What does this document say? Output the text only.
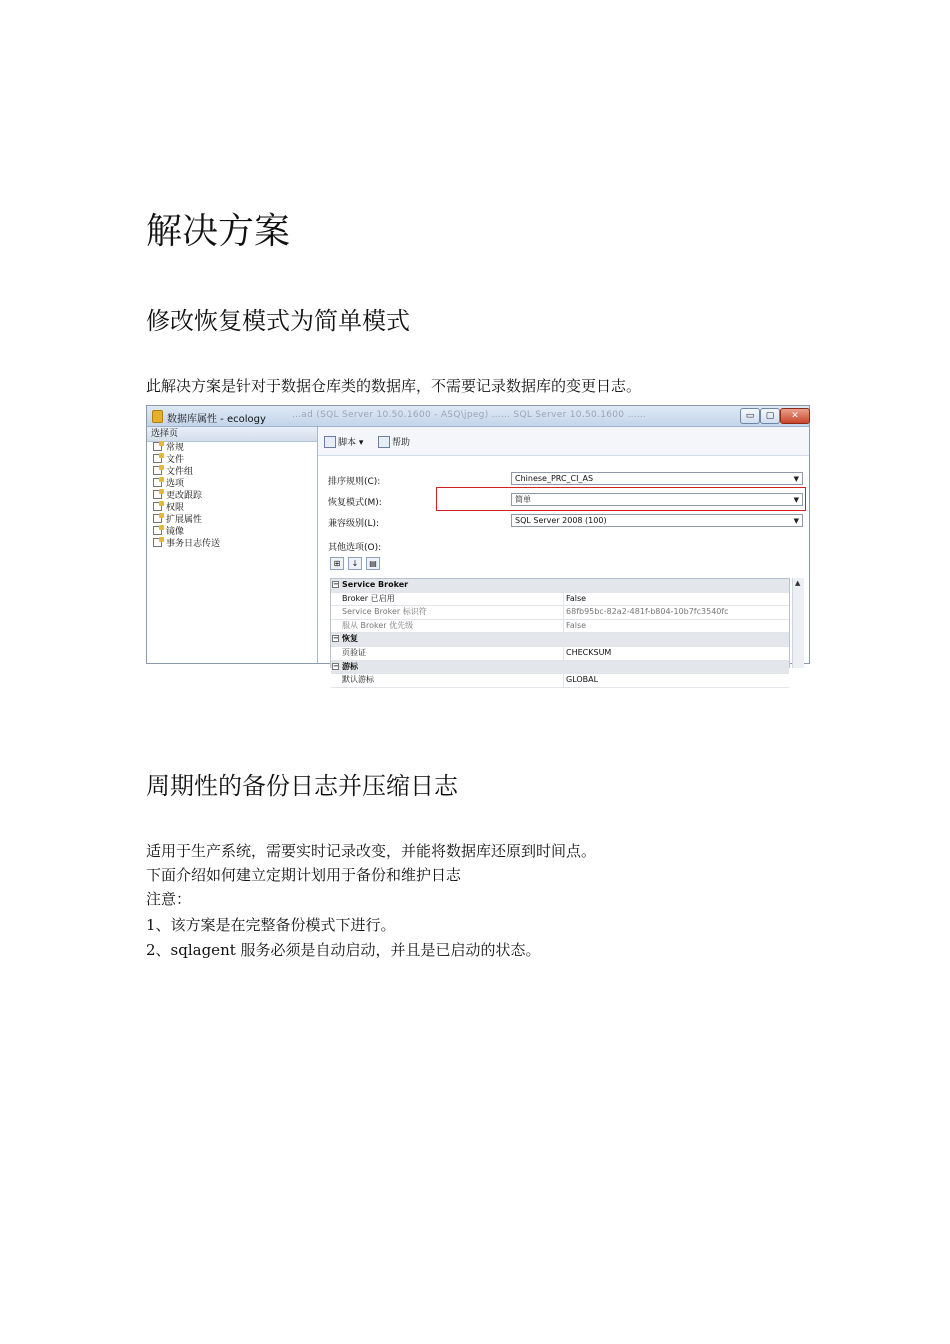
解决方案
修改恢复模式为简单模式
此解决方案是针对于数据仓库类的数据库，不需要记录数据库的变更日志。
数据库属性 - ecology	…ad (SQL Server 10.50.1600 - ASQ\jpeg) …… SQL Server 10.50.1600 ……	▭	▢	✕
选择页
常规
文件
文件组
选项
更改跟踪
权限
扩展属性
镜像
事务日志传送
脚本 ▾	帮助
排序规则(C):	Chinese_PRC_CI_AS	▼
恢复模式(M):	简单	▼
兼容级别(L):	SQL Server 2008 (100)	▼
其他选项(O):
⊞ ↓ ▤
− Service Broker
Broker 已启用	False
Service Broker 标识符	68fb95bc-82a2-481f-b804-10b7fc3540fc
服从 Broker 优先级	False
− 恢复
页验证	CHECKSUM
− 游标
默认游标	GLOBAL
▲
周期性的备份日志并压缩日志
适用于生产系统，需要实时记录改变，并能将数据库还原到时间点。
下面介绍如何建立定期计划用于备份和维护日志
注意：
1、该方案是在完整备份模式下进行。
2、sqlagent 服务必须是自动启动，并且是已启动的状态。
